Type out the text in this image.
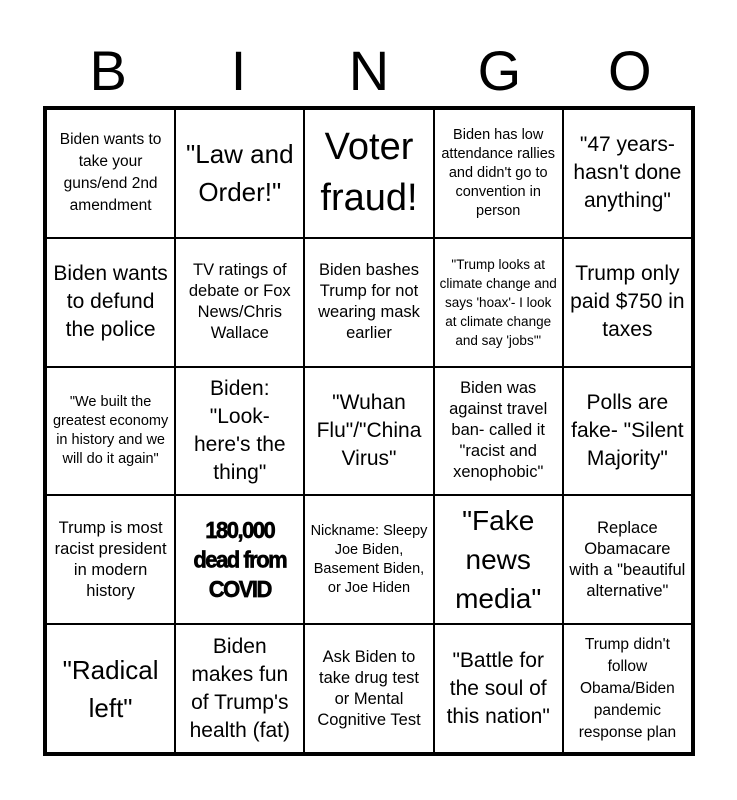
B	I	N	G	O
Biden wants to take your guns/end 2nd amendment
"Law and Order!"
Voter fraud!
Biden has low attendance rallies and didn't go to convention in person
"47 years- hasn't done anything"
Biden wants to defund the police
TV ratings of debate or Fox News/Chris Wallace
Biden bashes Trump for not wearing mask earlier
"Trump looks at climate change and says 'hoax'- I look at climate change and say 'jobs'"
Trump only paid $750 in taxes
"We built the greatest economy in history and we will do it again"
Biden: "Look- here's the thing"
"Wuhan Flu"/"China Virus"
Biden was against travel ban- called it "racist and xenophobic"
Polls are fake- "Silent Majority"
Trump is most racist president in modern history
180,000 dead from COVID
Nickname: Sleepy Joe Biden, Basement Biden, or Joe Hiden
"Fake news media"
Replace Obamacare with a "beautiful alternative"
"Radical left"
Biden makes fun of Trump's health (fat)
Ask Biden to take drug test or Mental Cognitive Test
"Battle for the soul of this nation"
Trump didn't follow Obama/Biden pandemic response plan
